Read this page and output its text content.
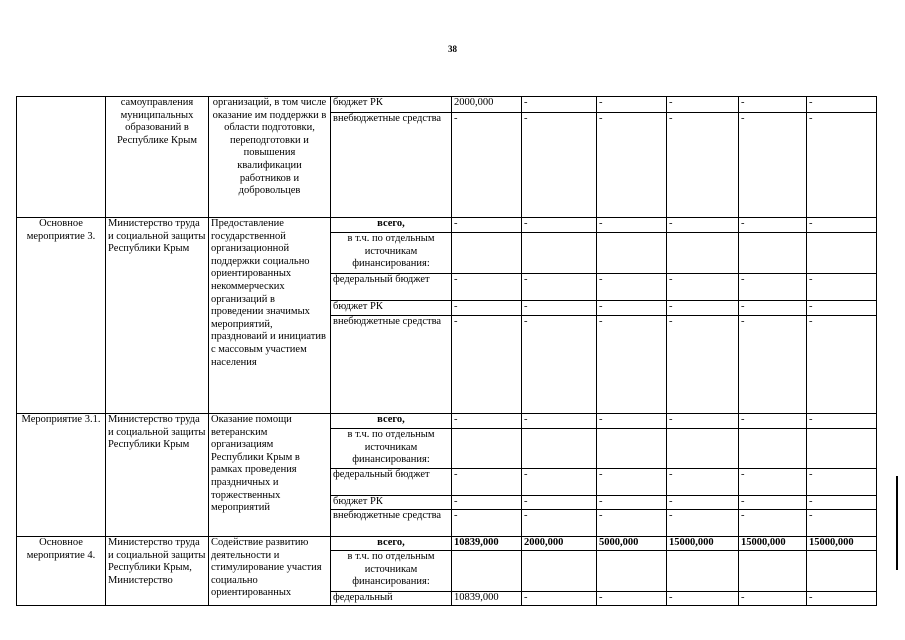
38
	самоуправления муниципальных образований в Республике Крым	организаций, в том числе оказание им поддержки в области подготовки, переподготовки и повышения квалификации работников и добровольцев	бюджет РК	2000,000	-	-	-	-	-
			внебюджетные средства	-	-	-	-	-	-
Основное мероприятие 3.	Министерство труда и социальной защиты Республики Крым	Предоставление государственной организационной поддержки социально ориентированных некоммерческих организаций в проведении значимых мероприятий, праздноваий и инициатив с массовым участием населения	всего,	-	-	-	-	-	-
			в т.ч. по отдельным источникам финансирования:						
			федеральный бюджет	-	-	-	-	-	-
			бюджет РК	-	-	-	-	-	-
			внебюджетные средства	-	-	-	-	-	-
Мероприятие 3.1.	Министерство труда и социальной защиты Республики Крым	Оказание помощи ветеранским организациям Республики Крым в рамках проведения праздничных и торжественных мероприятий	всего,	-	-	-	-	-	-
			в т.ч. по отдельным источникам финансирования:						
			федеральный бюджет	-	-	-	-	-	-
			бюджет РК	-	-	-	-	-	-
			внебюджетные средства	-	-	-	-	-	-
Основное мероприятие 4.	Министерство труда и социальной защиты Республики Крым, Министерство	Содействие развитию деятельности и стимулирование участия социально ориентированных	всего,	10839,000	2000,000	5000,000	15000,000	15000,000	15000,000
			в т.ч. по отдельным источникам финансирования:						
			федеральный	10839,000	-	-	-	-	-
